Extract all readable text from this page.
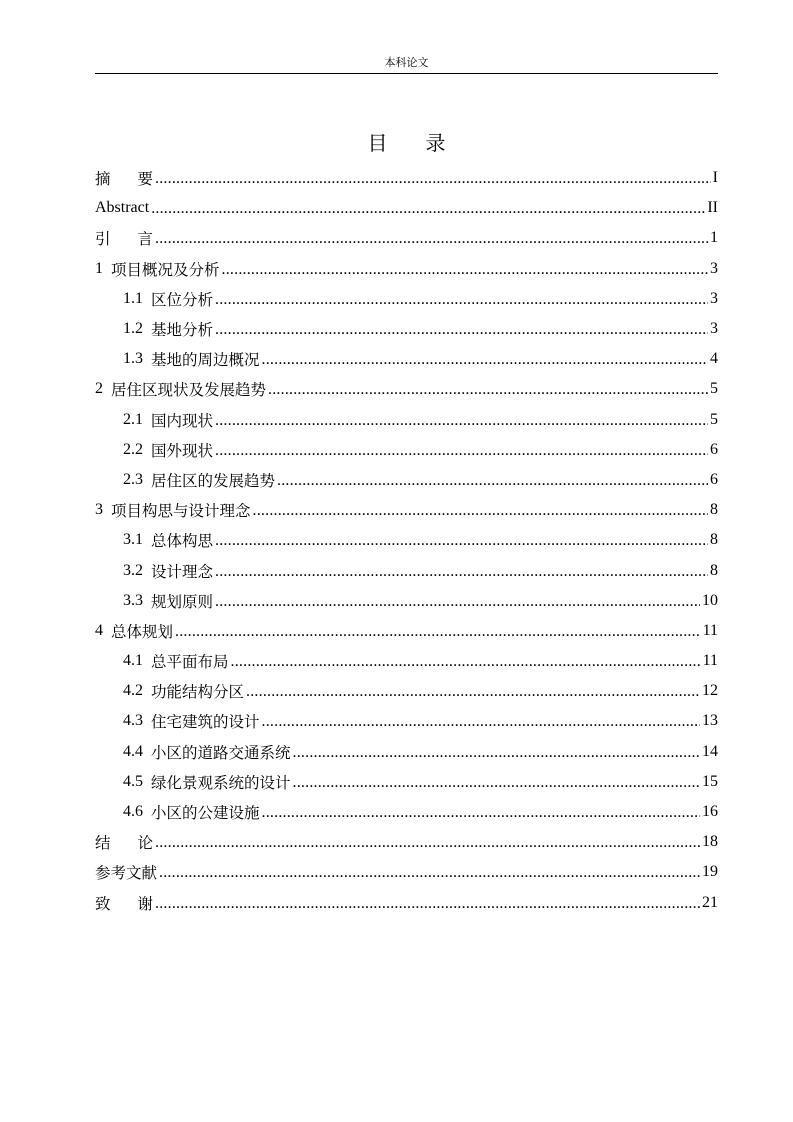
本科论文
目录
摘要 .....	I
Abstract .....	II
引言 .....	1
1 项目概况及分析 .....	3
1.1 区位分析 .....	3
1.2 基地分析 .....	3
1.3 基地的周边概况 .....	4
2 居住区现状及发展趋势 .....	5
2.1 国内现状 .....	5
2.2 国外现状 .....	6
2.3 居住区的发展趋势 .....	6
3 项目构思与设计理念 .....	8
3.1 总体构思 .....	8
3.2 设计理念 .....	8
3.3 规划原则 .....	10
4 总体规划 .....	11
4.1 总平面布局 .....	11
4.2 功能结构分区 .....	12
4.3 住宅建筑的设计 .....	13
4.4 小区的道路交通系统 .....	14
4.5 绿化景观系统的设计 .....	15
4.6 小区的公建设施 .....	16
结论 .....	18
参考文献 .....	19
致谢 .....	21
